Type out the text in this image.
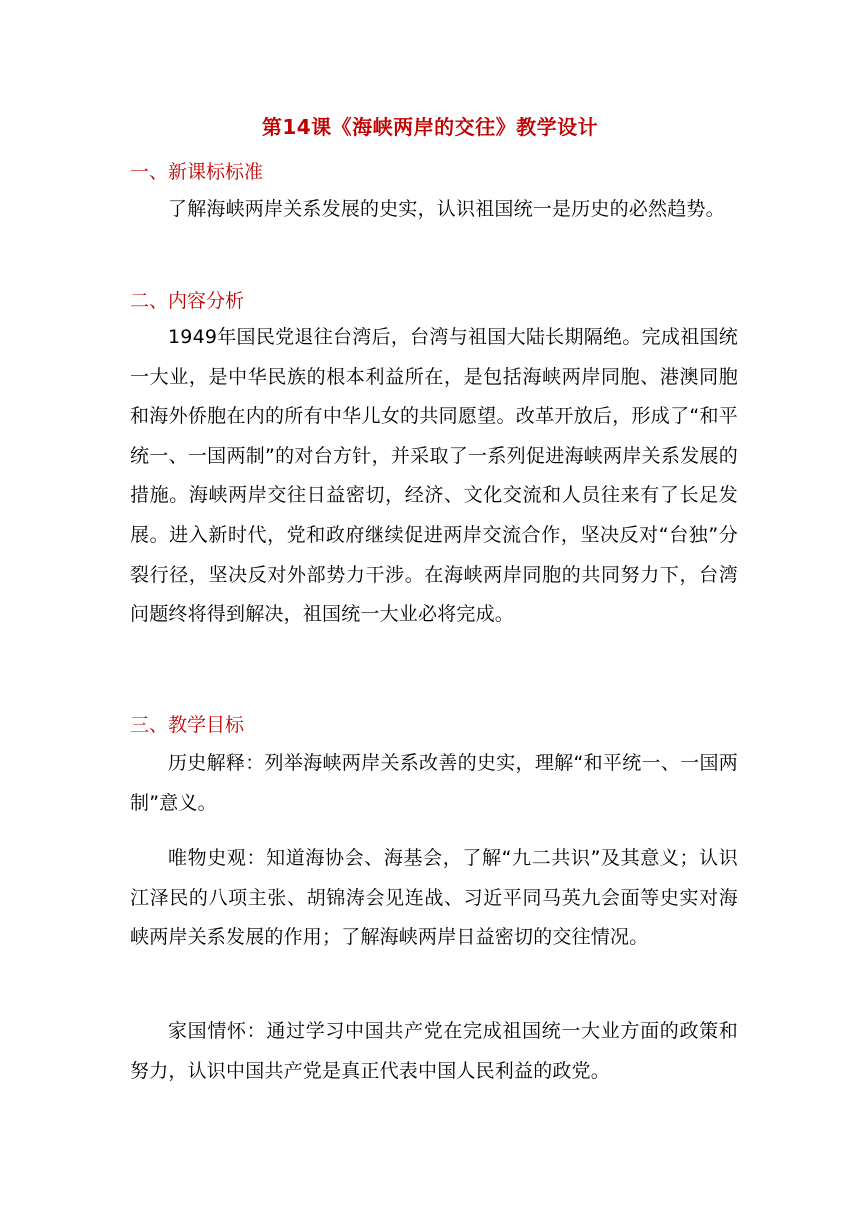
第14课《海峡两岸的交往》教学设计
一、新课标标准
了解海峡两岸关系发展的史实，认识祖国统一是历史的必然趋势。
二、内容分析
1949年国民党退往台湾后，台湾与祖国大陆长期隔绝。完成祖国统一大业，是中华民族的根本利益所在，是包括海峡两岸同胞、港澳同胞和海外侨胞在内的所有中华儿女的共同愿望。改革开放后，形成了“和平统一、一国两制”的对台方针，并采取了一系列促进海峡两岸关系发展的措施。海峡两岸交往日益密切，经济、文化交流和人员往来有了长足发展。进入新时代，党和政府继续促进两岸交流合作，坚决反对“台独”分裂行径，坚决反对外部势力干涉。在海峡两岸同胞的共同努力下，台湾问题终将得到解决，祖国统一大业必将完成。
三、教学目标
历史解释：列举海峡两岸关系改善的史实，理解“和平统一、一国两制”意义。
唯物史观：知道海协会、海基会，了解“九二共识”及其意义；认识江泽民的八项主张、胡锦涛会见连战、习近平同马英九会面等史实对海峡两岸关系发展的作用；了解海峡两岸日益密切的交往情况。
家国情怀：通过学习中国共产党在完成祖国统一大业方面的政策和努力，认识中国共产党是真正代表中国人民利益的政党。
